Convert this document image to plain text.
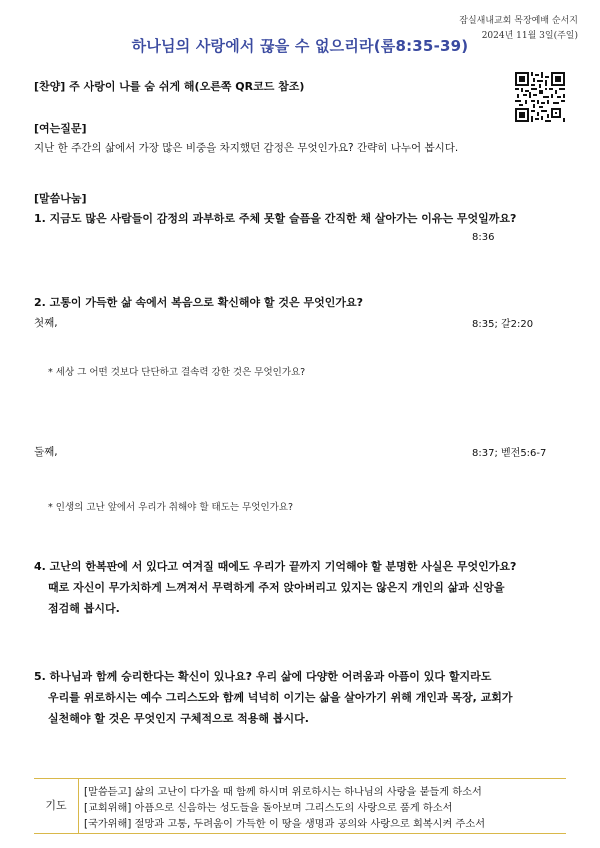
잠실새내교회 목장예배 순서지
2024년 11월 3일(주일)
하나님의 사랑에서 끊을 수 없으리라(롬8:35-39)
[찬양] 주 사랑이 나를 숨 쉬게 해(오른쪽 QR코드 참조)
[여는질문]
지난 한 주간의 삶에서 가장 많은 비중을 차지했던 감정은 무엇인가요? 간략히 나누어 봅시다.
[말씀나눔]
1. 지금도 많은 사람들이 감정의 과부하로 주체 못할 슬픔을 간직한 채 살아가는 이유는 무엇일까요?
8:36
2. 고통이 가득한 삶 속에서 복음으로 확신해야 할 것은 무엇인가요?
첫째,	8:35; 갈2:20
* 세상 그 어떤 것보다 단단하고 결속력 강한 것은 무엇인가요?
둘째,	8:37; 벧전5:6-7
* 인생의 고난 앞에서 우리가 취해야 할 태도는 무엇인가요?
4. 고난의 한복판에 서 있다고 여겨질 때에도 우리가 끝까지 기억해야 할 분명한 사실은 무엇인가요?
때로 자신이 무가치하게 느껴져서 무력하게 주저 앉아버리고 있지는 않은지 개인의 삶과 신앙을
점검해 봅시다.
5. 하나님과 함께 승리한다는 확신이 있나요? 우리 삶에 다양한 어려움과 아픔이 있다 할지라도
우리를 위로하시는 예수 그리스도와 함께 넉넉히 이기는 삶을 살아가기 위해 개인과 목장, 교회가
실천해야 할 것은 무엇인지 구체적으로 적용해 봅시다.
기도
[말씀듣고] 삶의 고난이 다가올 때 함께 하시며 위로하시는 하나님의 사랑을 붙들게 하소서
[교회위해] 아픔으로 신음하는 성도들을 돌아보며 그리스도의 사랑으로 품게 하소서
[국가위해] 절망과 고통, 두려움이 가득한 이 땅을 생명과 공의와 사랑으로 회복시켜 주소서
